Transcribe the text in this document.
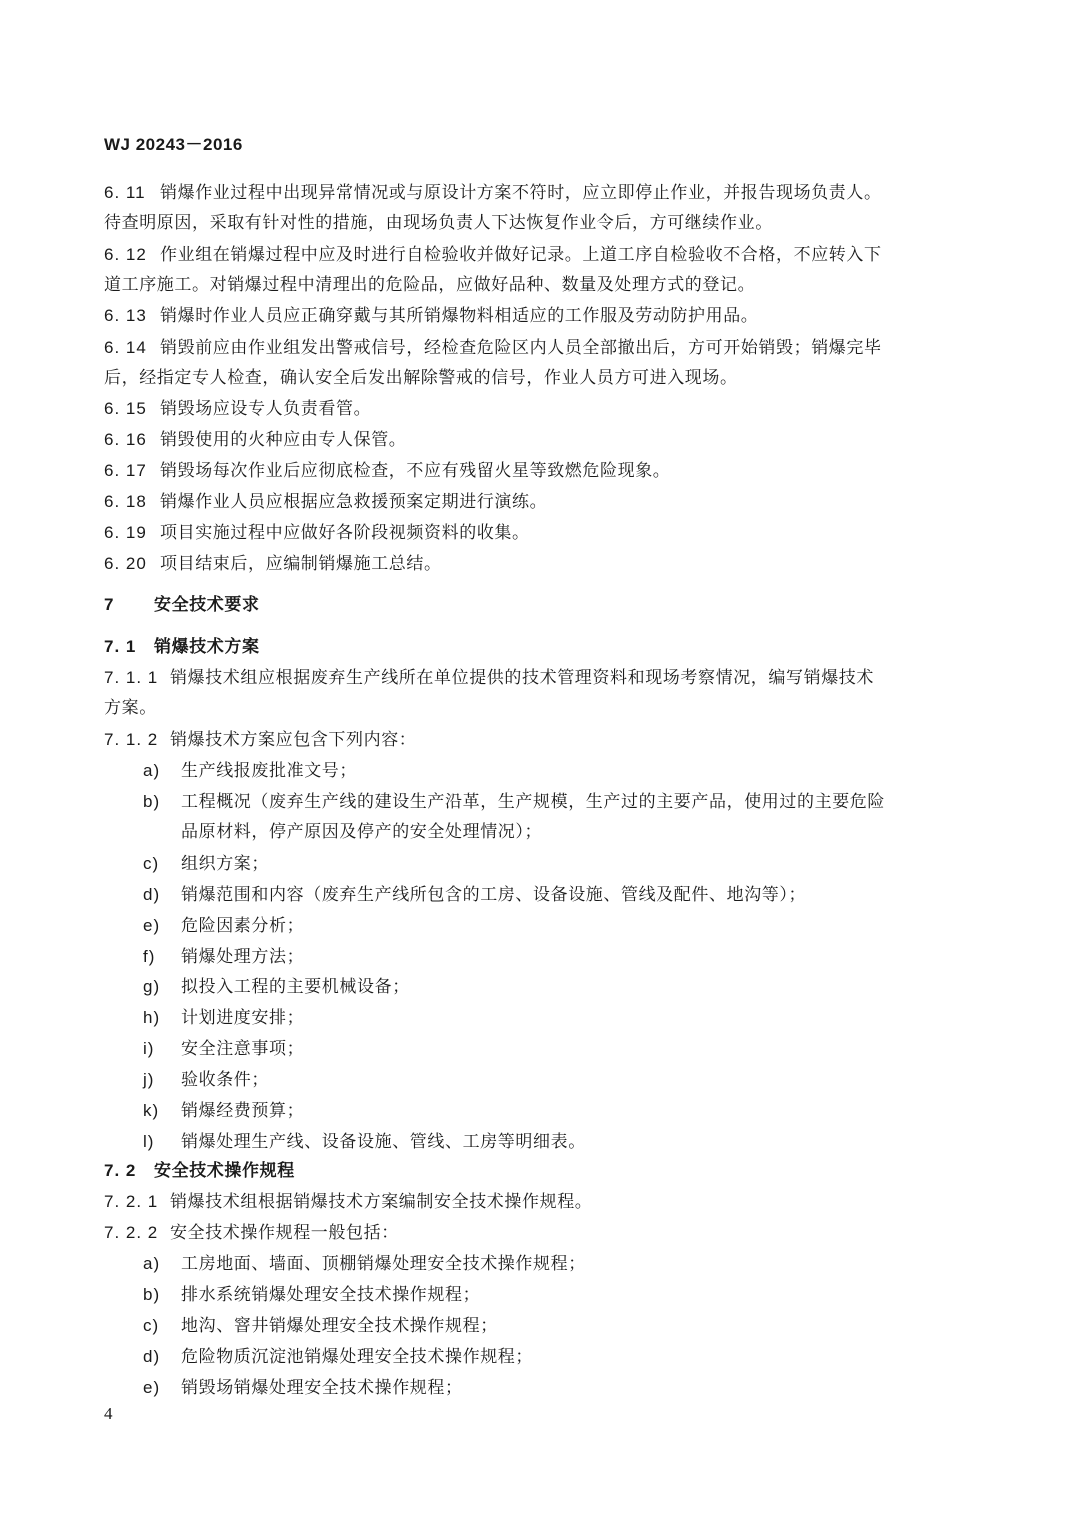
WJ 20243－2016
6. 11 销爆作业过程中出现异常情况或与原设计方案不符时，应立即停止作业，并报告现场负责人。
待查明原因，采取有针对性的措施，由现场负责人下达恢复作业令后，方可继续作业。
6. 12 作业组在销爆过程中应及时进行自检验收并做好记录。上道工序自检验收不合格，不应转入下
道工序施工。对销爆过程中清理出的危险品，应做好品种、数量及处理方式的登记。
6. 13 销爆时作业人员应正确穿戴与其所销爆物料相适应的工作服及劳动防护用品。
6. 14 销毁前应由作业组发出警戒信号，经检查危险区内人员全部撤出后，方可开始销毁；销爆完毕
后，经指定专人检查，确认安全后发出解除警戒的信号，作业人员方可进入现场。
6. 15 销毁场应设专人负责看管。
6. 16 销毁使用的火种应由专人保管。
6. 17 销毁场每次作业后应彻底检查，不应有残留火星等致燃危险现象。
6. 18 销爆作业人员应根据应急救援预案定期进行演练。
6. 19 项目实施过程中应做好各阶段视频资料的收集。
6. 20 项目结束后，应编制销爆施工总结。
7 安全技术要求
7. 1 销爆技术方案
7. 1. 1 销爆技术组应根据废弃生产线所在单位提供的技术管理资料和现场考察情况，编写销爆技术
方案。
7. 1. 2 销爆技术方案应包含下列内容：
a) 生产线报废批准文号；
b) 工程概况（废弃生产线的建设生产沿革，生产规模，生产过的主要产品，使用过的主要危险
品原材料，停产原因及停产的安全处理情况）；
c) 组织方案；
d) 销爆范围和内容（废弃生产线所包含的工房、设备设施、管线及配件、地沟等）；
e) 危险因素分析；
f) 销爆处理方法；
g) 拟投入工程的主要机械设备；
h) 计划进度安排；
i) 安全注意事项；
j) 验收条件；
k) 销爆经费预算；
l) 销爆处理生产线、设备设施、管线、工房等明细表。
7. 2 安全技术操作规程
7. 2. 1 销爆技术组根据销爆技术方案编制安全技术操作规程。
7. 2. 2 安全技术操作规程一般包括：
a) 工房地面、墙面、顶棚销爆处理安全技术操作规程；
b) 排水系统销爆处理安全技术操作规程；
c) 地沟、窨井销爆处理安全技术操作规程；
d) 危险物质沉淀池销爆处理安全技术操作规程；
e) 销毁场销爆处理安全技术操作规程；
4
